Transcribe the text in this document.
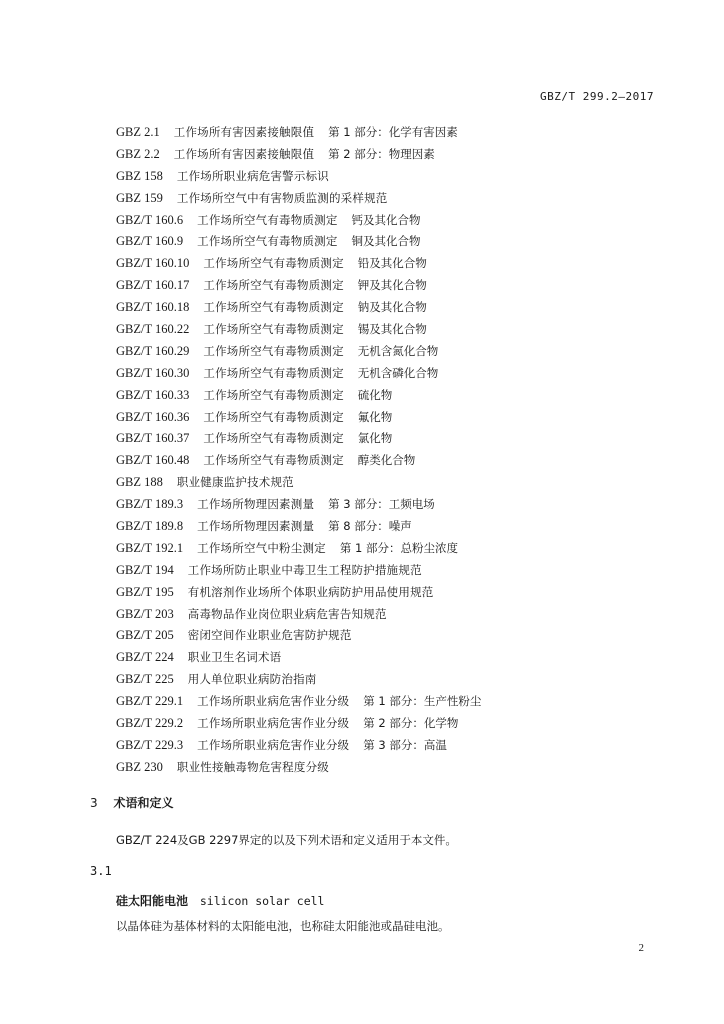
GBZ/T 299.2—2017
GBZ 2.1 工作场所有害因素接触限值 第 1 部分：化学有害因素
GBZ 2.2 工作场所有害因素接触限值 第 2 部分：物理因素
GBZ 158 工作场所职业病危害警示标识
GBZ 159 工作场所空气中有害物质监测的采样规范
GBZ/T 160.6 工作场所空气有毒物质测定 钙及其化合物
GBZ/T 160.9 工作场所空气有毒物质测定 铜及其化合物
GBZ/T 160.10 工作场所空气有毒物质测定 铅及其化合物
GBZ/T 160.17 工作场所空气有毒物质测定 钾及其化合物
GBZ/T 160.18 工作场所空气有毒物质测定 钠及其化合物
GBZ/T 160.22 工作场所空气有毒物质测定 锡及其化合物
GBZ/T 160.29 工作场所空气有毒物质测定 无机含氮化合物
GBZ/T 160.30 工作场所空气有毒物质测定 无机含磷化合物
GBZ/T 160.33 工作场所空气有毒物质测定 硫化物
GBZ/T 160.36 工作场所空气有毒物质测定 氟化物
GBZ/T 160.37 工作场所空气有毒物质测定 氯化物
GBZ/T 160.48 工作场所空气有毒物质测定 醇类化合物
GBZ 188 职业健康监护技术规范
GBZ/T 189.3 工作场所物理因素测量 第 3 部分：工频电场
GBZ/T 189.8 工作场所物理因素测量 第 8 部分：噪声
GBZ/T 192.1 工作场所空气中粉尘测定 第 1 部分：总粉尘浓度
GBZ/T 194 工作场所防止职业中毒卫生工程防护措施规范
GBZ/T 195 有机溶剂作业场所个体职业病防护用品使用规范
GBZ/T 203 高毒物品作业岗位职业病危害告知规范
GBZ/T 205 密闭空间作业职业危害防护规范
GBZ/T 224 职业卫生名词术语
GBZ/T 225 用人单位职业病防治指南
GBZ/T 229.1 工作场所职业病危害作业分级 第 1 部分：生产性粉尘
GBZ/T 229.2 工作场所职业病危害作业分级 第 2 部分：化学物
GBZ/T 229.3 工作场所职业病危害作业分级 第 3 部分：高温
GBZ 230 职业性接触毒物危害程度分级
3 术语和定义
GBZ/T 224及GB 2297界定的以及下列术语和定义适用于本文件。
3.1
硅太阳能电池 silicon solar cell
以晶体硅为基体材料的太阳能电池，也称硅太阳能池或晶硅电池。
2
